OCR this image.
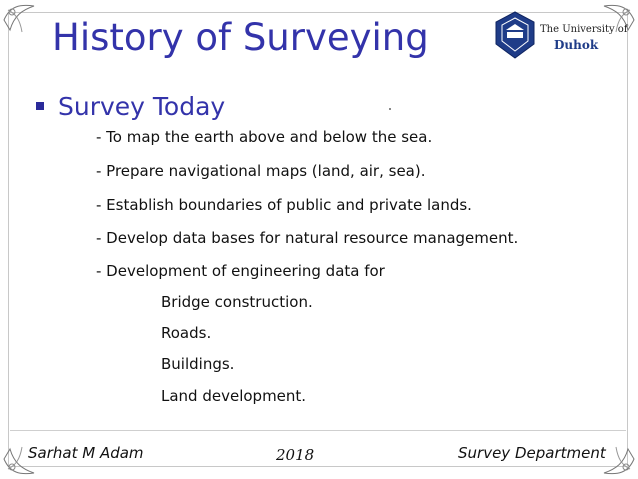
History of Surveying	The University of
Duhok
Survey Today
- To map the earth above and below the sea.
- Prepare navigational maps (land, air, sea).
- Establish boundaries of public and private lands.
- Develop data bases for natural resource management.
- Development of engineering data for
Bridge construction.
Roads.
Buildings.
Land development.
Sarhat M Adam	2018	Survey Department
